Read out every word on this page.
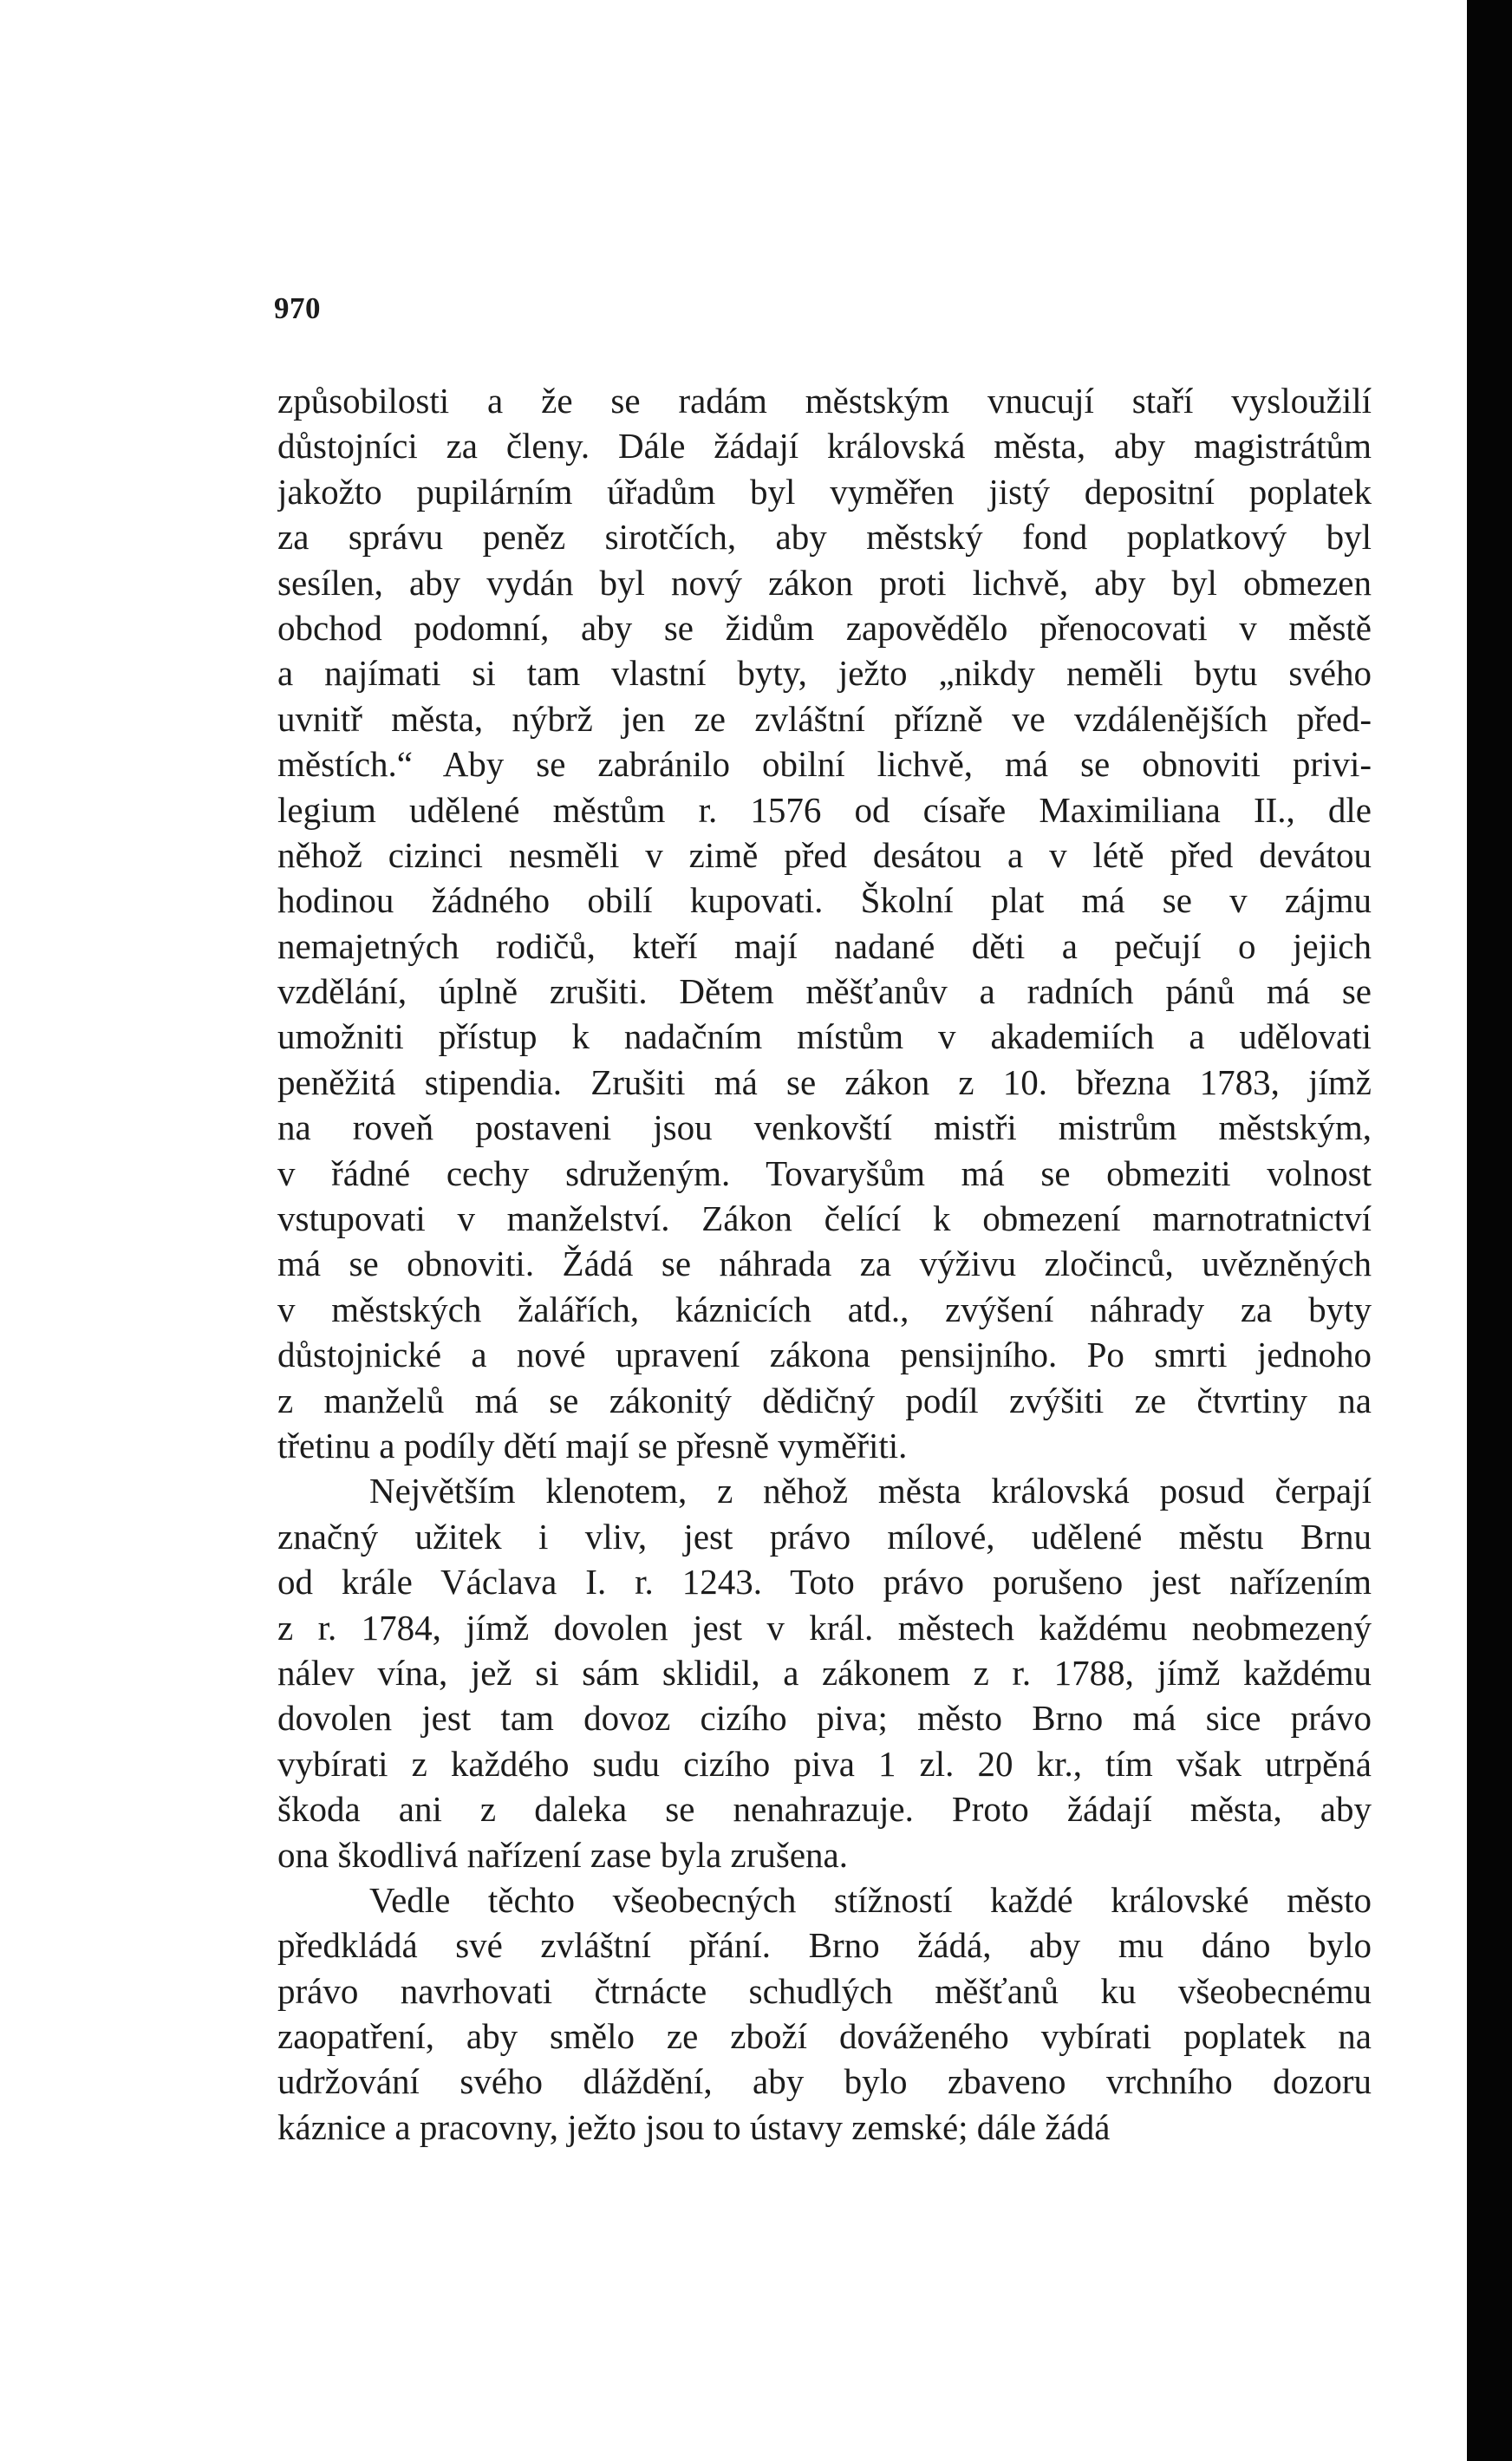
970
způsobilosti a že se radám městským vnucují staří vysloužilí
důstojníci za členy. Dále žádají královská města, aby magistrátům
jakožto pupilárním úřadům byl vyměřen jistý depositní poplatek
za správu peněz sirotčích, aby městský fond poplatkový byl
sesílen, aby vydán byl nový zákon proti lichvě, aby byl obmezen
obchod podomní, aby se židům zapovědělo přenocovati v městě
a najímati si tam vlastní byty, ježto „nikdy neměli bytu svého
uvnitř města, nýbrž jen ze zvláštní přízně ve vzdálenějších před-
městích.“ Aby se zabránilo obilní lichvě, má se obnoviti privi-
legium udělené městům r. 1576 od císaře Maximiliana II., dle
něhož cizinci nesměli v zimě před desátou a v létě před devátou
hodinou žádného obilí kupovati. Školní plat má se v zájmu
nemajetných rodičů, kteří mají nadané děti a pečují o jejich
vzdělání, úplně zrušiti. Dětem měšťanův a radních pánů má se
umožniti přístup k nadačním místům v akademiích a udělovati
peněžitá stipendia. Zrušiti má se zákon z 10. března 1783, jímž
na roveň postaveni jsou venkovští mistři mistrům městským,
v řádné cechy sdruženým. Tovaryšům má se obmeziti volnost
vstupovati v manželství. Zákon čelící k obmezení marnotratnictví
má se obnoviti. Žádá se náhrada za výživu zločinců, uvězněných
v městských žalářích, káznicích atd., zvýšení náhrady za byty
důstojnické a nové upravení zákona pensijního. Po smrti jednoho
z manželů má se zákonitý dědičný podíl zvýšiti ze čtvrtiny na
třetinu a podíly dětí mají se přesně vyměřiti.
Největším klenotem, z něhož města královská posud čerpají
značný užitek i vliv, jest právo mílové, udělené městu Brnu
od krále Václava I. r. 1243. Toto právo porušeno jest nařízením
z r. 1784, jímž dovolen jest v král. městech každému neobmezený
nálev vína, jež si sám sklidil, a zákonem z r. 1788, jímž každému
dovolen jest tam dovoz cizího piva; město Brno má sice právo
vybírati z každého sudu cizího piva 1 zl. 20 kr., tím však utrpěná
škoda ani z daleka se nenahrazuje. Proto žádají města, aby
ona škodlivá nařízení zase byla zrušena.
Vedle těchto všeobecných stížností každé královské město
předkládá své zvláštní přání. Brno žádá, aby mu dáno bylo
právo navrhovati čtrnácte schudlých měšťanů ku všeobecnému
zaopatření, aby smělo ze zboží dováženého vybírati poplatek na
udržování svého dláždění, aby bylo zbaveno vrchního dozoru
káznice a pracovny, ježto jsou to ústavy zemské; dále žádá
